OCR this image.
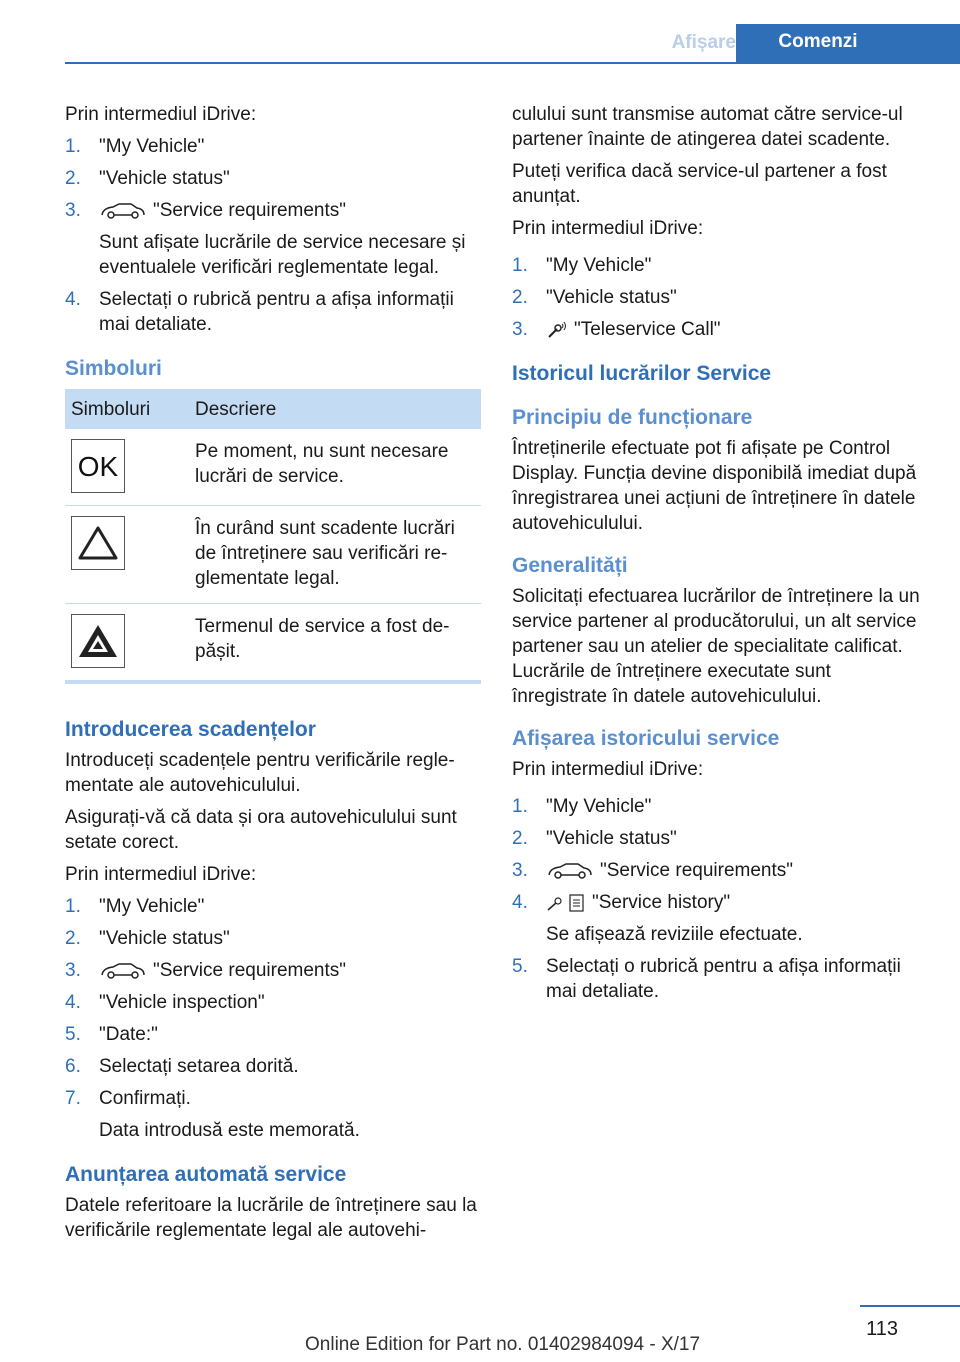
Afișare	Comenzi

Prin intermediul iDrive:

1. "My Vehicle"
2. "Vehicle status"
3.	"Service requirements"
Sunt afișate lucrările de service necesare și eventualele verificări reglementate legal.
4. Selectați o rubrică pentru a afișa informații mai detaliate.
Simboluri
Simboluri	Descriere

OK	Pe moment, nu sunt necesare lucrări de service.

	În curând sunt scadente lucrări de întreținere sau verificări re-glementate legal.

	Termenul de service a fost de-pășit.
Introducerea scadențelor

Introduceți scadențele pentru verificările regle-mentate ale autovehiculului.

Asigurați-vă că data și ora autovehiculului sunt setate corect.

Prin intermediul iDrive:

1. "My Vehicle"
2. "Vehicle status"
3.	"Service requirements"
4. "Vehicle inspection"
5. "Date:"
6. Selectați setarea dorită.
7. Confirmați.
Data introdusă este memorată.
Anunțarea automată service

Datele referitoare la lucrările de întreținere sau la verificările reglementate legal ale autovehi-

culului sunt transmise automat către service-ul partener înainte de atingerea datei scadente.

Puteți verifica dacă service-ul partener a fost anunțat.

Prin intermediul iDrive:

1. "My Vehicle"
2. "Vehicle status"
3. "Teleservice Call"
Istoricul lucrărilor Service
Principiu de funcționare

Întreținerile efectuate pot fi afișate pe Control Display. Funcția devine disponibilă imediat după înregistrarea unei acțiuni de întreținere în datele autovehiculului.

Generalități

Solicitați efectuarea lucrărilor de întreținere la un service partener al producătorului, un alt service partener sau un atelier de specialitate calificat. Lucrările de întreținere executate sunt înregistrate în datele autovehiculului.

Afișarea istoricului service

Prin intermediul iDrive:

1. "My Vehicle"
2. "Vehicle status"
3.	"Service requirements"
4.	"Service history"
Se afișează reviziile efectuate.
5. Selectați o rubrică pentru a afișa informații mai detaliate.
113
Online Edition for Part no. 01402984094 - X/17
